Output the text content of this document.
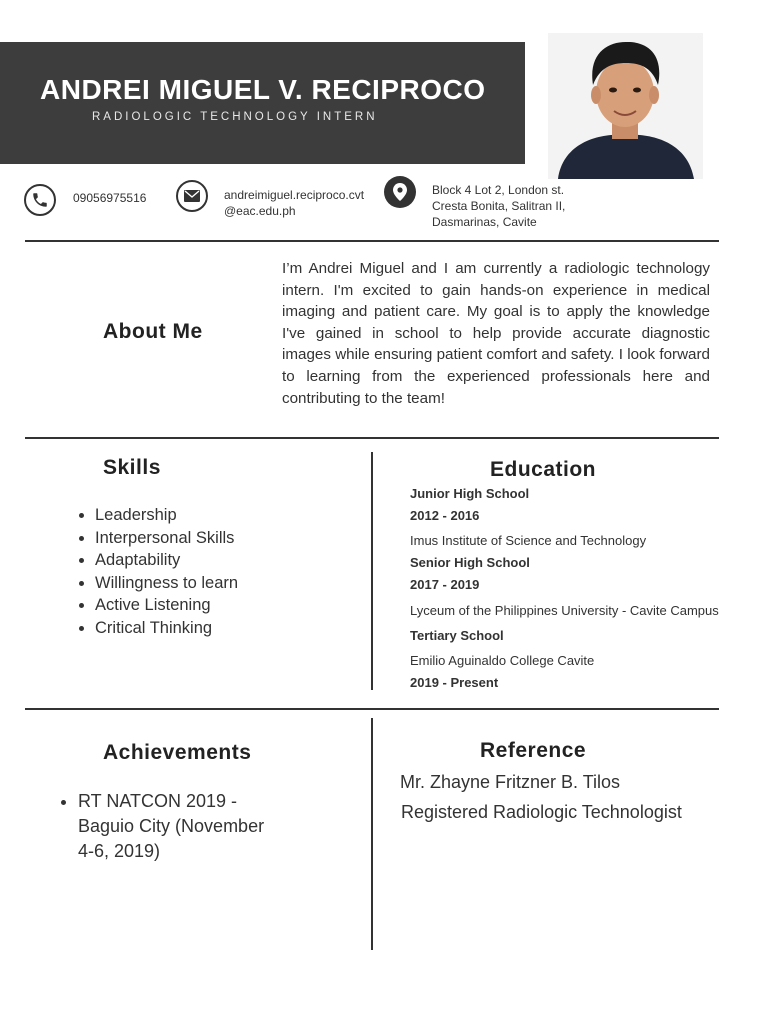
ANDREI MIGUEL V. RECIPROCO
RADIOLOGIC TECHNOLOGY INTERN
09056975516	andreimiguel.reciproco.cvt
@eac.edu.ph
Block 4 Lot 2, London st.
Cresta Bonita, Salitran II,
Dasmarinas, Cavite
About Me
I’m Andrei Miguel and I am currently a radiologic technology intern. I'm excited to gain hands-on experience in medical imaging and patient care. My goal is to apply the knowledge I've gained in school to help provide accurate diagnostic images while ensuring patient comfort and safety. I look forward to learning from the experienced professionals here and contributing to the team!
Skills
• Leadership
• Interpersonal Skills
• Adaptability
• Willingness to learn
• Active Listening
• Critical Thinking
Education
Junior High School
2012 - 2016
Imus Institute of Science and Technology
Senior High School
2017 - 2019
Lyceum of the Philippines University - Cavite Campus
Tertiary School
Emilio Aguinaldo College Cavite
2019 - Present
Achievements
• RT NATCON 2019 - Baguio City (November 4-6, 2019)
Reference
Mr. Zhayne Fritzner B. Tilos
Registered Radiologic Technologist
